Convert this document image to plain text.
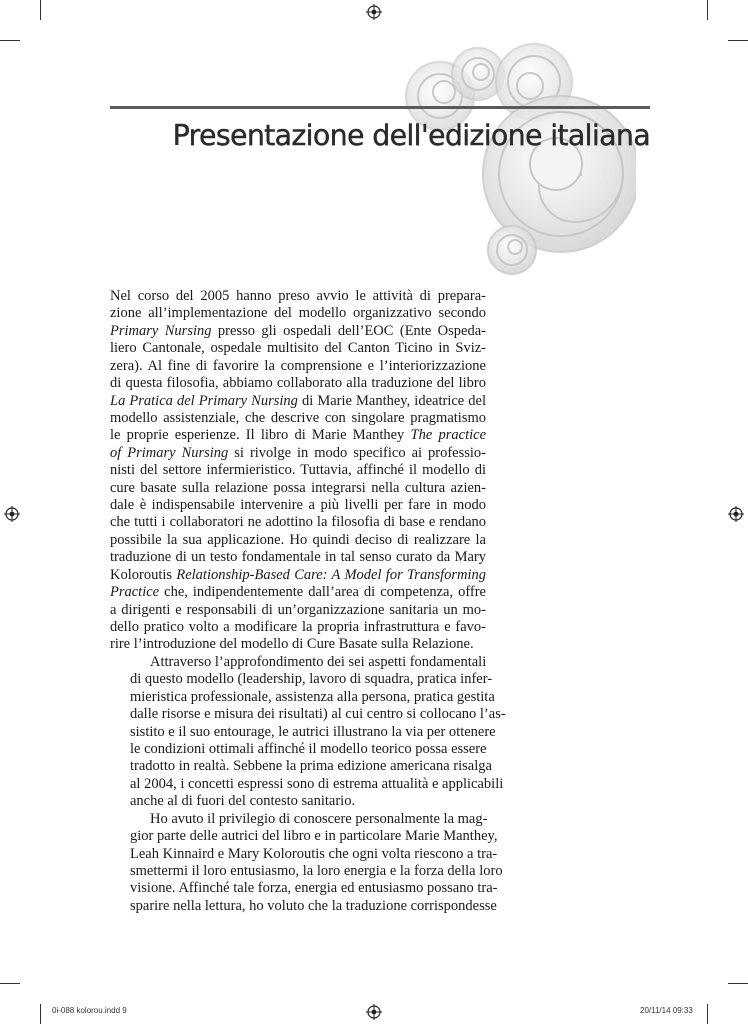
Presentazione dell'edizione italiana

Nel corso del 2005 hanno preso avvio le attività di prepara-
zione all’implementazione del modello organizzativo secondo
Primary Nursing presso gli ospedali dell’EOC (Ente Ospeda-
liero Cantonale, ospedale multisito del Canton Ticino in Sviz-
zera). Al fine di favorire la comprensione e l’interiorizzazione
di questa filosofia, abbiamo collaborato alla traduzione del libro
La Pratica del Primary Nursing di Marie Manthey, ideatrice del
modello assistenziale, che descrive con singolare pragmatismo
le proprie esperienze. Il libro di Marie Manthey The practice
of Primary Nursing si rivolge in modo specifico ai professio-
nisti del settore infermieristico. Tuttavia, affinché il modello di
cure basate sulla relazione possa integrarsi nella cultura azien-
dale è indispensabile intervenire a più livelli per fare in modo
che tutti i collaboratori ne adottino la filosofia di base e rendano
possibile la sua applicazione. Ho quindi deciso di realizzare la
traduzione di un testo fondamentale in tal senso curato da Mary
Koloroutis Relationship-Based Care: A Model for Transforming
Practice che, indipendentemente dall’area di competenza, offre
a dirigenti e responsabili di un’organizzazione sanitaria un mo-
dello pratico volto a modificare la propria infrastruttura e favo-
rire l’introduzione del modello di Cure Basate sulla Relazione.

Attraverso l’approfondimento dei sei aspetti fondamentali
di questo modello (leadership, lavoro di squadra, pratica infer-
mieristica professionale, assistenza alla persona, pratica gestita
dalle risorse e misura dei risultati) al cui centro si collocano l’as-
sistito e il suo entourage, le autrici illustrano la via per ottenere
le condizioni ottimali affinché il modello teorico possa essere
tradotto in realtà. Sebbene la prima edizione americana risalga
al 2004, i concetti espressi sono di estrema attualità e applicabili
anche al di fuori del contesto sanitario.

Ho avuto il privilegio di conoscere personalmente la mag-
gior parte delle autrici del libro e in particolare Marie Manthey,
Leah Kinnaird e Mary Koloroutis che ogni volta riescono a tra-
smettermi il loro entusiasmo, la loro energia e la forza della loro
visione. Affinché tale forza, energia ed entusiasmo possano tra-
sparire nella lettura, ho voluto che la traduzione corrispondesse

0i-088 kolorou.indd 9	20/11/14 09:33
